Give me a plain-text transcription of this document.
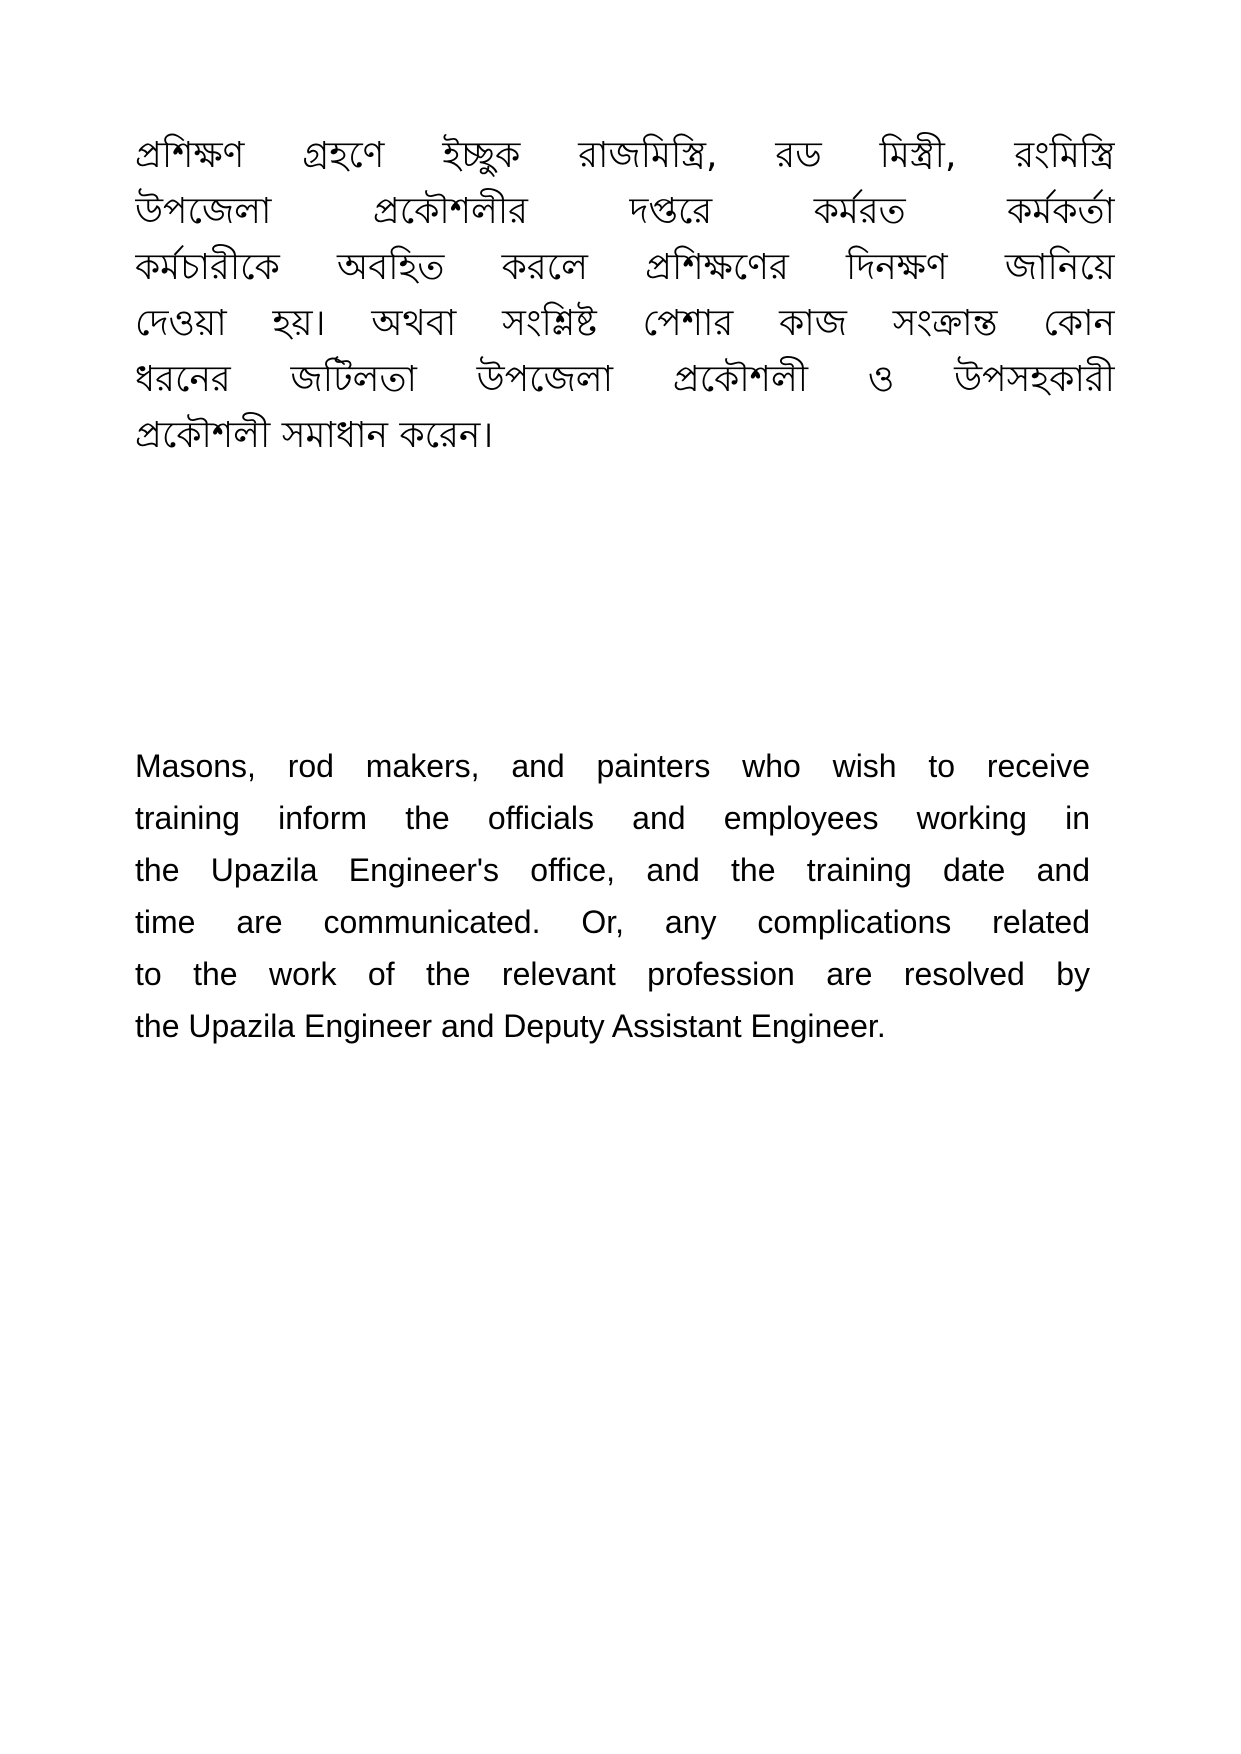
প্রশিক্ষণ গ্রহণে ইচ্ছুক রাজমিস্ত্রি, রড মিস্ত্রী, রংমিস্ত্রি
উপজেলা প্রকৌশলীর দপ্তরে কর্মরত কর্মকর্তা
কর্মচারীকে অবহিত করলে প্রশিক্ষণের দিনক্ষণ জানিয়ে
দেওয়া হয়। অথবা সংশ্লিষ্ট পেশার কাজ সংক্রান্ত কোন
ধরনের জটিলতা উপজেলা প্রকৌশলী ও উপসহকারী
প্রকৌশলী সমাধান করেন।
Masons, rod makers, and painters who wish to receive
training inform the officials and employees working in
the Upazila Engineer's office, and the training date and
time are communicated. Or, any complications related
to the work of the relevant profession are resolved by
the Upazila Engineer and Deputy Assistant Engineer.
